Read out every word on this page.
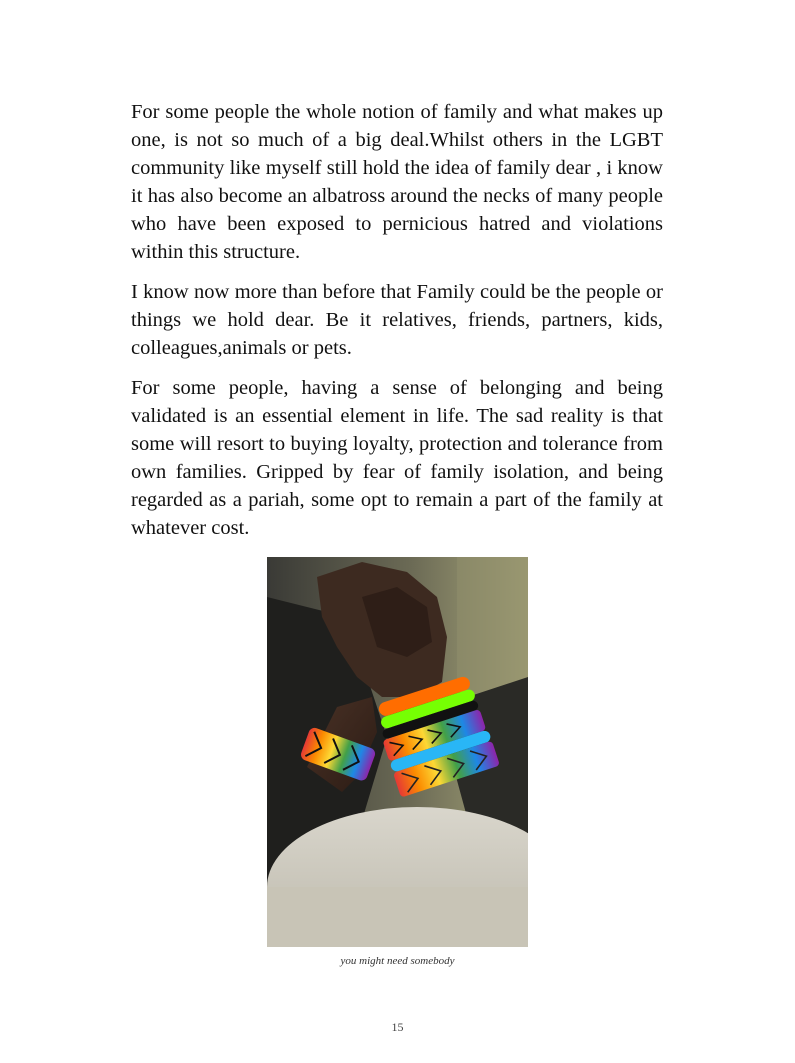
For some people the whole notion of family and what makes up one, is not so much of a big deal.Whilst others in the LGBT community like myself still hold the idea of family dear , i know it has also become an albatross around the necks of many people who have been exposed to pernicious hatred and violations within this structure.

I know now more than before that Family could be the people or things we hold dear. Be it relatives, friends, partners, kids, colleagues,animals or pets.

For some people, having a sense of belonging and being validated is an essential element in life. The sad reality is that some will resort to buying loyalty, protection and tolerance from own families. Gripped by fear of family isolation, and being regarded as a pariah, some opt to remain a part of the family at whatever cost.

you might need somebody
15
